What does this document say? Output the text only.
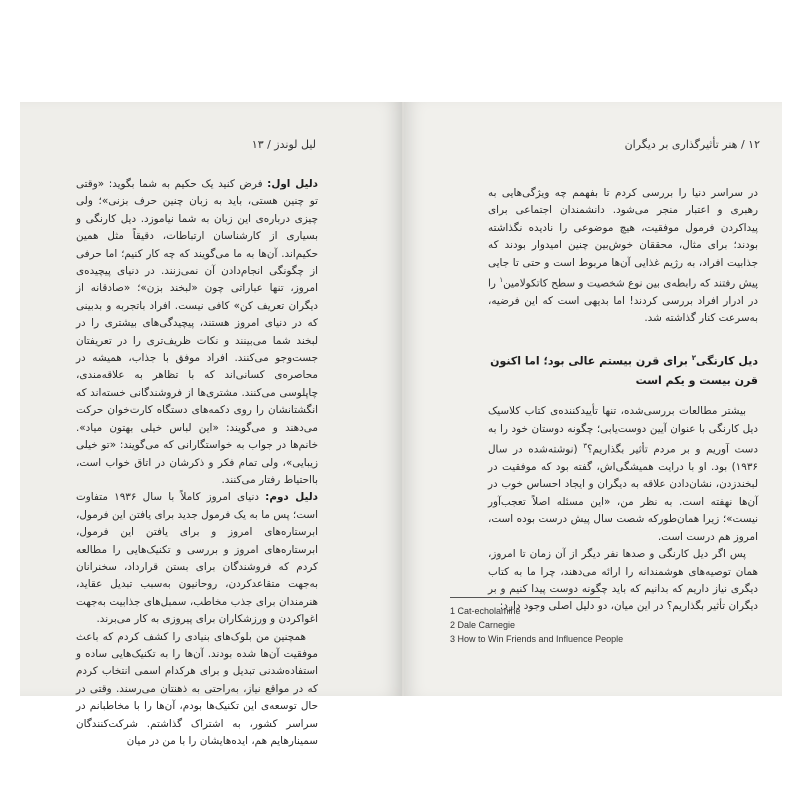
لیل لوندز / ۱۳

دلیل اول: فرض کنید یک حکیم به شما بگوید: «وقتی تو چنین هستی، باید به زبان چنین حرف بزنی»؛ ولی چیزی درباره‌ی این زبان به شما نیاموزد. دیل کارنگی و بسیاری از کارشناسان ارتباطات، دقیقاً مثل همین حکیم‌اند. آن‌ها به ما می‌گویند که چه کار کنیم؛ اما حرفی از چگونگی انجام‌دادن آن نمی‌زنند. در دنیای پیچیده‌ی امروز، تنها عباراتی چون «لبخند بزن»؛ «صادقانه از دیگران تعریف کن» کافی نیست. افراد باتجربه و بدبینی که در دنیای امروز هستند، پیچیدگی‌های بیشتری را در لبخند شما می‌بینند و نکات ظریف‌تری را در تعریفتان جست‌وجو می‌کنند. افراد موفق با جذاب، همیشه در محاصره‌ی کسانی‌اند که با تظاهر به علاقه‌مندی، چاپلوسی می‌کنند. مشتری‌ها از فروشندگانی خسته‌اند که انگشتانشان را روی دکمه‌های دستگاه کارت‌خوان حرکت می‌دهند و می‌گویند: «این لباس خیلی بهتون میاد». خانم‌ها در جواب به خواستگارانی که می‌گویند: «تو خیلی زیبایی»، ولی تمام فکر و ذکرشان در اتاق خواب است، بااحتیاط رفتار می‌کنند.

دلیل دوم: دنیای امروز کاملاً با سال ۱۹۳۶ متفاوت است؛ پس ما به یک فرمول جدید برای یافتن این فرمول، ابرستاره‌های امروز و برای یافتن این فرمول، ابرستاره‌های امروز و بررسی و تکنیک‌هایی را مطالعه کردم که فروشندگان برای بستن قرارداد، سخنرانان به‌جهت متقاعدکردن، روحانیون به‌سبب تبدیل عقاید، هنرمندان برای جذب مخاطب، سمبل‌های جذابیت به‌جهت اغواکردن و ورزشکاران برای پیروزی به کار می‌برند.

همچنین من بلوک‌های بنیادی را کشف کردم که باعث موفقیت آن‌ها شده بودند. آن‌ها را به تکنیک‌هایی ساده و استفاده‌شدنی تبدیل و برای هرکدام اسمی انتخاب کردم که در مواقع نیاز، به‌راحتی به ذهنتان می‌رسند. وقتی در حال توسعه‌ی این تکنیک‌ها بودم، آن‌ها را با مخاطبانم در سراسر کشور، به اشتراک گذاشتم. شرکت‌کنندگان سمینارهایم هم، ایده‌هایشان را با من در میان

۱۲ / هنر تأثیرگذاری بر دیگران

در سراسر دنیا را بررسی کردم تا بفهمم چه ویژگی‌هایی به رهبری و اعتبار منجر می‌شود. دانشمندان اجتماعی برای پیداکردن فرمول موفقیت، هیچ موضوعی را نادیده نگذاشته بودند؛ برای مثال، محققان خوش‌بین چنین امیدوار بودند که جذابیت افراد، به رژیم غذایی آن‌ها مربوط است و حتی تا جایی پیش رفتند که رابطه‌ی بین نوع شخصیت و سطح کاتکولامین$^۱$ را در ادرار افراد بررسی کردند! اما بدیهی است که این فرضیه، به‌سرعت کنار گذاشته شد.

دیل کارنگی$^۲$ برای قرن بیستم عالی بود؛ اما اکنون قرن بیست و یکم است

بیشتر مطالعات بررسی‌شده، تنها تأییدکننده‌ی کتاب کلاسیک دیل کارنگی با عنوان آیین دوست‌یابی؛ چگونه دوستان خود را به دست آوریم و بر مردم تأثیر بگذاریم؟$^۳$ (نوشته‌شده در سال ۱۹۳۶) بود. او با درایت همیشگی‌اش، گفته بود که موفقیت در لبخندزدن، نشان‌دادن علاقه به دیگران و ایجاد احساس خوب در آن‌ها نهفته است. به نظر من، «این مسئله اصلاً تعجب‌آور نیست»؛ زیرا همان‌طورکه شصت سال پیش درست بوده است، امروز هم درست است.

پس اگر دیل کارنگی و صدها نفر دیگر از آن زمان تا امروز، همان توصیه‌های هوشمندانه را ارائه می‌دهند، چرا ما به کتاب دیگری نیاز داریم که بدانیم که باید چگونه دوست پیدا کنیم و بر دیگران تأثیر بگذاریم؟ در این میان، دو دلیل اصلی وجود دارد:

1 Cat-echolamine
2 Dale Carnegie
3 How to Win Friends and Influence People
